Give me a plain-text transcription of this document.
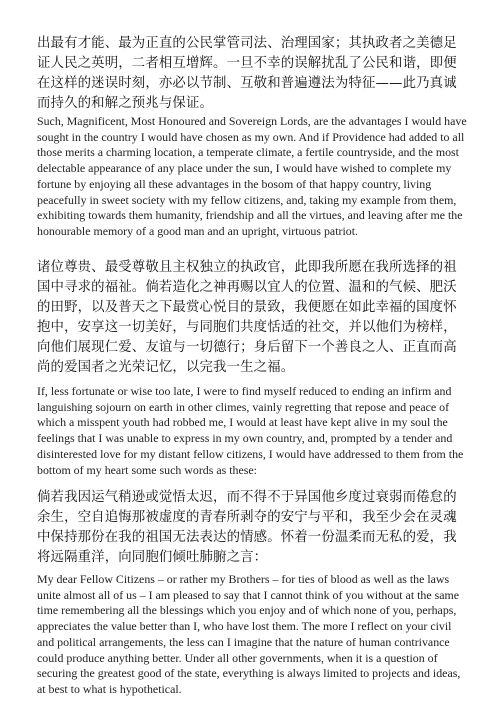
出最有才能、最为正直的公民掌管司法、治理国家；其执政者之美德足证人民之英明，二者相互增辉。一旦不幸的误解扰乱了公民和谐，即便在这样的迷误时刻，亦必以节制、互敬和普遍遵法为特征——此乃真诚而持久的和解之预兆与保证。

Such, Magnificent, Most Honoured and Sovereign Lords, are the advantages I would have sought in the country I would have chosen as my own. And if Providence had added to all those merits a charming location, a temperate climate, a fertile countryside, and the most delectable appearance of any place under the sun, I would have wished to complete my fortune by enjoying all these advantages in the bosom of that happy country, living peacefully in sweet society with my fellow citizens, and, taking my example from them, exhibiting towards them humanity, friendship and all the virtues, and leaving after me the honourable memory of a good man and an upright, virtuous patriot.

诸位尊贵、最受尊敬且主权独立的执政官，此即我所愿在我所选择的祖国中寻求的福祉。倘若造化之神再赐以宜人的位置、温和的气候、肥沃的田野，以及普天之下最赏心悦目的景致，我便愿在如此幸福的国度怀抱中，安享这一切美好，与同胞们共度恬适的社交，并以他们为榜样，向他们展现仁爱、友谊与一切德行；身后留下一个善良之人、正直而高尚的爱国者之光荣记忆，以完我一生之福。

If, less fortunate or wise too late, I were to find myself reduced to ending an infirm and languishing sojourn on earth in other climes, vainly regretting that repose and peace of which a misspent youth had robbed me, I would at least have kept alive in my soul the feelings that I was unable to express in my own country, and, prompted by a tender and disinterested love for my distant fellow citizens, I would have addressed to them from the bottom of my heart some such words as these:

倘若我因运气稍逊或觉悟太迟，而不得不于异国他乡度过衰弱而倦怠的余生，空自追悔那被虚度的青春所剥夺的安宁与平和，我至少会在灵魂中保持那份在我的祖国无法表达的情感。怀着一份温柔而无私的爱，我将远隔重洋，向同胞们倾吐肺腑之言：

My dear Fellow Citizens – or rather my Brothers – for ties of blood as well as the laws unite almost all of us – I am pleased to say that I cannot think of you without at the same time remembering all the blessings which you enjoy and of which none of you, perhaps, appreciates the value better than I, who have lost them. The more I reflect on your civil and political arrangements, the less can I imagine that the nature of human contrivance could produce anything better. Under all other governments, when it is a question of securing the greatest good of the state, everything is always limited to projects and ideas, at best to what is hypothetical.
